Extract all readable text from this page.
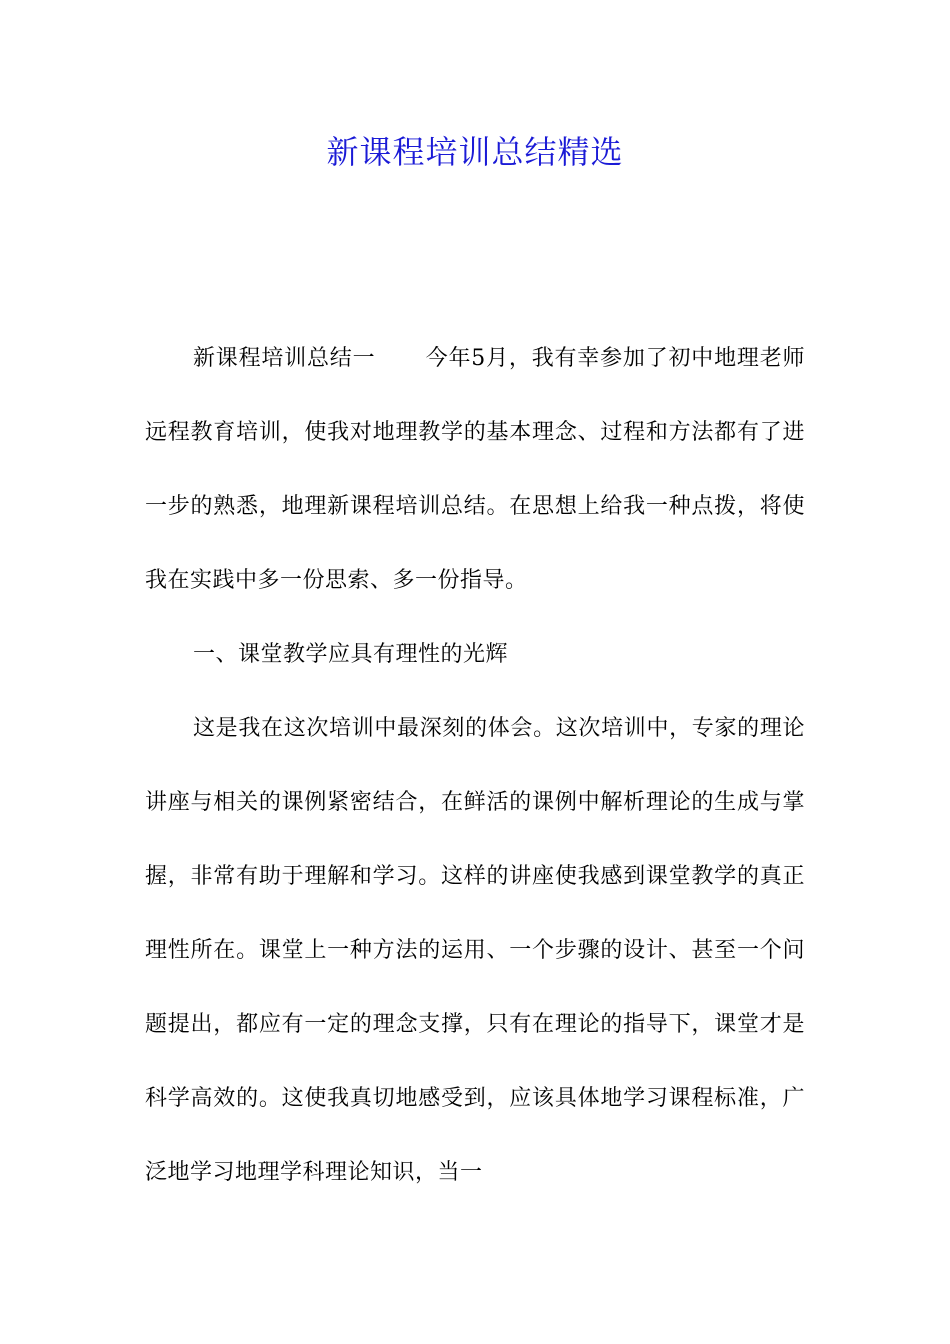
新课程培训总结精选

新课程培训总结一 今年5月，我有幸参加了初中地理老师远程教育培训，使我对地理教学的基本理念、过程和方法都有了进一步的熟悉，地理新课程培训总结。在思想上给我一种点拨，将使我在实践中多一份思索、多一份指导。

一、课堂教学应具有理性的光辉

这是我在这次培训中最深刻的体会。这次培训中，专家的理论讲座与相关的课例紧密结合，在鲜活的课例中解析理论的生成与掌握，非常有助于理解和学习。这样的讲座使我感到课堂教学的真正理性所在。课堂上一种方法的运用、一个步骤的设计、甚至一个问题提出，都应有一定的理念支撑，只有在理论的指导下，课堂才是科学高效的。这使我真切地感受到，应该具体地学习课程标准，广泛地学习地理学科理论知识，当一
